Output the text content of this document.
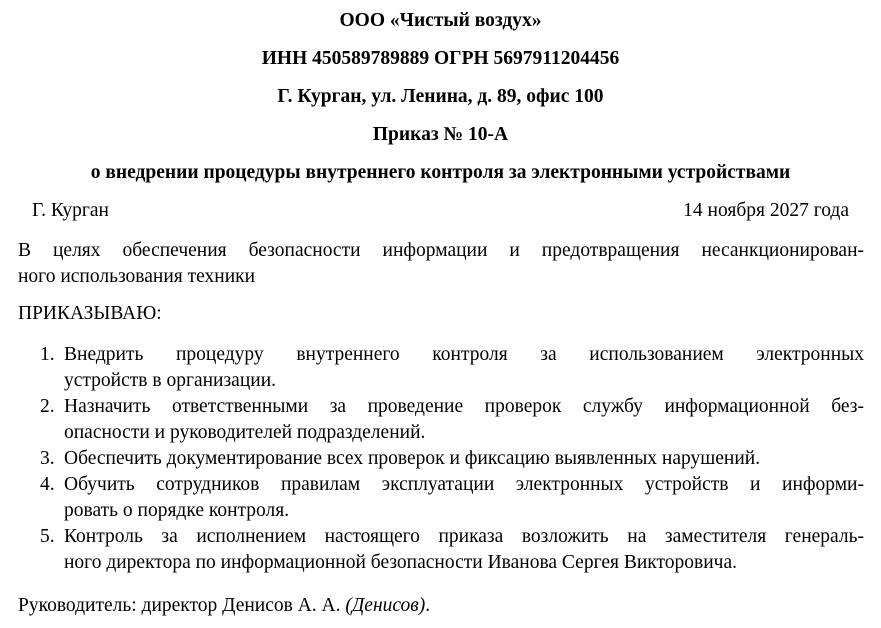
ООО «Чистый воздух»
ИНН 450589789889 ОГРН 5697911204456
Г. Курган, ул. Ленина, д. 89, офис 100
Приказ № 10-А
о внедрении процедуры внутреннего контроля за электронными устройствами
Г. Курган	14 ноября 2027 года

В целях обеспечения безопасности информации и предотвращения несанкционирован-
ного использования техники

ПРИКАЗЫВАЮ:
1. Внедрить процедуру внутреннего контроля за использованием электронных
устройств в организации.
2. Назначить ответственными за проведение проверок службу информационной без-
опасности и руководителей подразделений.
3. Обеспечить документирование всех проверок и фиксацию выявленных нарушений.
4. Обучить сотрудников правилам эксплуатации электронных устройств и информи-
ровать о порядке контроля.
5. Контроль за исполнением настоящего приказа возложить на заместителя генераль-
ного директора по информационной безопасности Иванова Сергея Викторовича.
Руководитель: директор Денисов А. А. (Денисов).
